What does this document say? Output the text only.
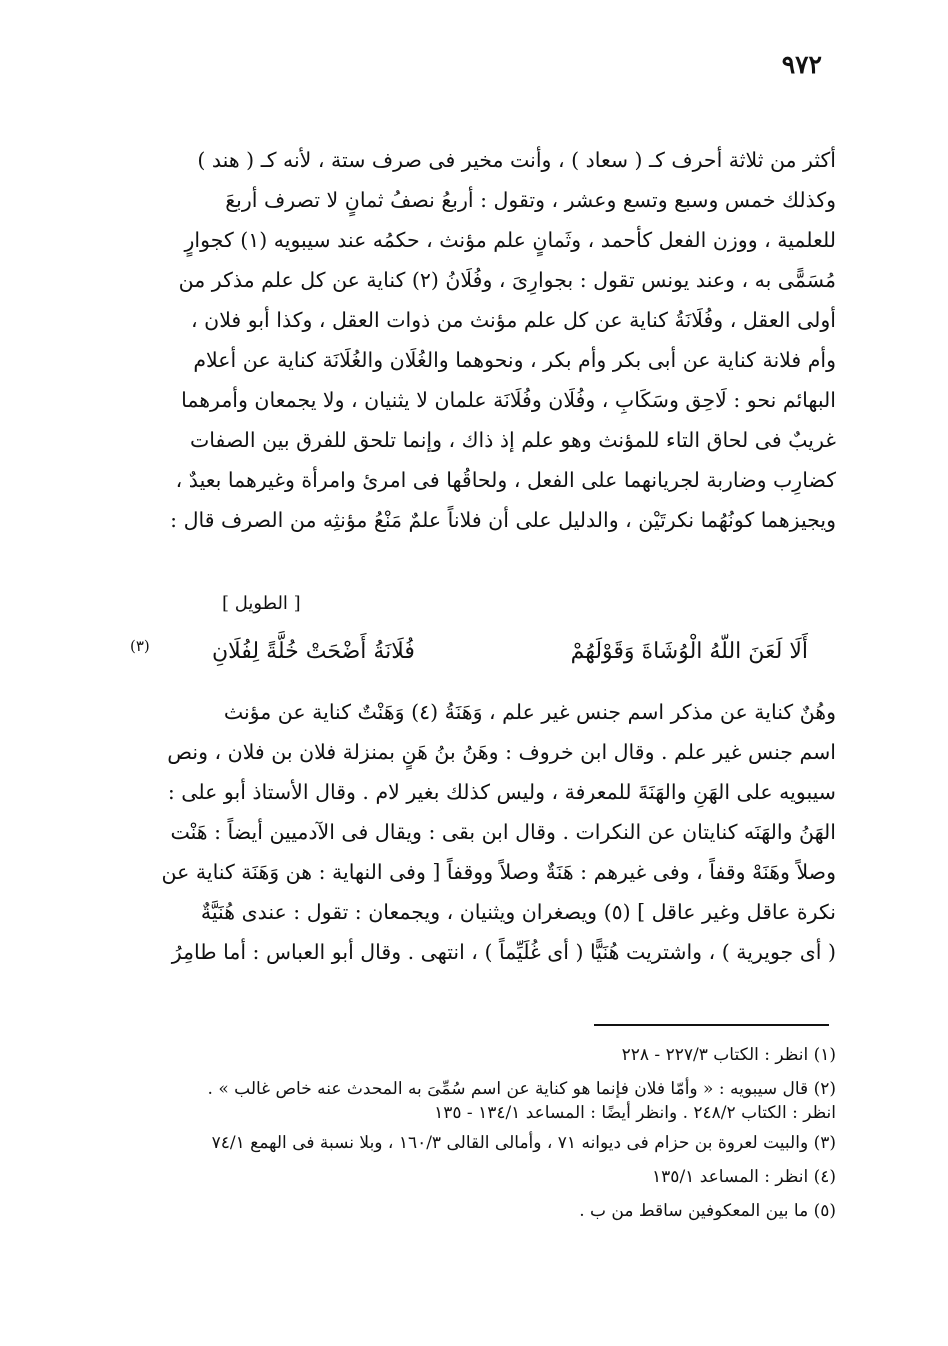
٩٧٢
أكثر من ثلاثة أحرف كـ ( سعاد ) ، وأنت مخير فى صرف ستة ، لأنه كـ ( هند )
وكذلك خمس وسبع وتسع وعشر ، وتقول : أربعُ نصفُ ثمانٍ لا تصرف أربعَ
للعلمية ، ووزن الفعل كأحمد ، وثَمانٍ علم مؤنث ، حكمُه عند سيبويه (١) كجوارٍ
مُسَمًّى به ، وعند يونس تقول : بجوارِىَ ، وفُلَانُ (٢) كناية عن كل علم مذكر من
أولى العقل ، وفُلَانَةُ كناية عن كل علم مؤنث من ذوات العقل ، وكذا أبو فلان ،
وأم فلانة كناية عن أبى بكر وأم بكر ، ونحوهما والغُلَان والغُلَانَة كناية عن أعلام
البهائم نحو : لَاحِق وسَكَابِ ، وفُلَان وفُلَانَة علمان لا يثنيان ، ولا يجمعان وأمرهما
غريبٌ فى لحاق التاء للمؤنث وهو علم إذ ذاك ، وإنما تلحق للفرق بين الصفات
كضارِب وضاربة لجريانهما على الفعل ، ولحاقُها فى امرئ وامرأة وغيرهما بعيدٌ ،
ويجيزهما كونُهُما نكرتَيْن ، والدليل على أن فلاناً علمٌ مَنْعُ مؤنثِه من الصرف قال :
[ الطويل ]
أَلَا لَعَنَ اللّهُ الْوُشَاةَ وَقَوْلَهُمْ
فُلَانَةُ أَضْحَتْ خُلَّةً لِفُلَانِ
(٣)
وهُنٌ كناية عن مذكر اسم جنس غير علم ، وَهَنَةُ (٤) وَهَنْتٌ كناية عن مؤنث
اسم جنس غير علم . وقال ابن خروف : وهَنُ بنُ هَنٍ بمنزلة فلان بن فلان ، ونص
سيبويه على الهَنِ والهَنَةَ للمعرفة ، وليس كذلك بغير لام . وقال الأستاذ أبو على :
الهَنُ والهَنَه كنايتان عن النكرات . وقال ابن بقى : ويقال فى الآدميين أيضاً : هَنْت
وصلاً وهَنَهْ وقفاً ، وفى غيرهم : هَنَةٌ وصلاً ووقفاً [ وفى النهاية : هن وَهَنَة كناية عن
نكرة عاقل وغير عاقل ] (٥) ويصغران ويثنيان ، ويجمعان : تقول : عندى هُنَيَّةٌ
( أى جويرية ) ، واشتريت هُنَيًّا ( أى غُلَيِّماً ) ، انتهى . وقال أبو العباس : أما طامِرُ
(١) انظر : الكتاب ٢٢٧/٣ - ٢٢٨
(٢) قال سيبويه : « وأمّا فلان فإنما هو كناية عن اسم سُمِّىَ به المحدث عنه خاص غالب » .
انظر : الكتاب ٢٤٨/٢ . وانظر أيضًا : المساعد ١٣٤/١ - ١٣٥
(٣) والبيت لعروة بن حزام فى ديوانه ٧١ ، وأمالى القالى ١٦٠/٣ ، وبلا نسبة فى الهمع ٧٤/١
(٤) انظر : المساعد ١٣٥/١
(٥) ما بين المعكوفين ساقط من ب .
